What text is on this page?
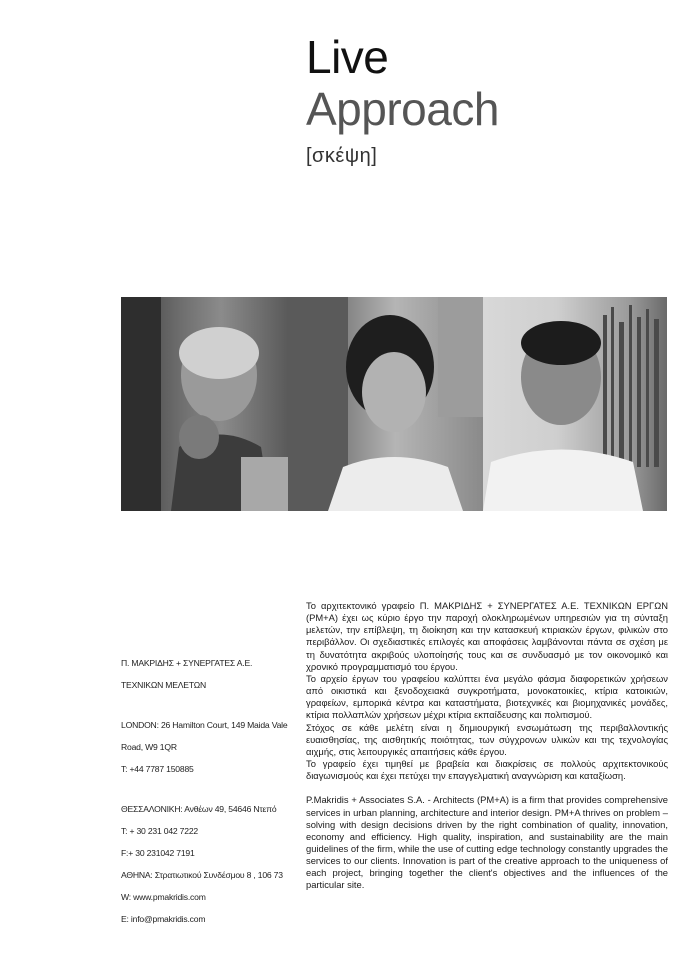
Live
Approach
[σκέψη]
Π. ΜΑΚΡΙΔΗΣ + ΣΥΝΕΡΓΑΤΕΣ Α.Ε.
ΤΕΧΝΙΚΩΝ ΜΕΛΕΤΩΝ
LONDON: 26 Hamilton Court, 149 Maida Vale
Road, W9 1QR
T: +44 7787 150885
ΘΕΣΣΑΛΟΝΙΚΗ: Ανθέων 49, 54646 Ντεπό
T: + 30 231 042 7222
F:+ 30 231042 7191
ΑΘΗΝΑ: Στρατιωτικού Συνδέσμου 8 , 106 73
W: www.pmakridis.com
E: info@pmakridis.com

Το αρχιτεκτονικό γραφείο Π. ΜΑΚΡΙΔΗΣ + ΣΥΝΕΡΓΑΤΕΣ Α.Ε. ΤΕΧΝΙΚΩΝ ΕΡΓΩΝ (PM+A) έχει ως κύριο έργο την παροχή ολοκληρωμένων υπηρεσιών για τη σύνταξη μελετών, την επίβλεψη, τη διοίκηση και την κατασκευή κτιριακών έργων, φιλικών στο περιβάλλον. Οι σχεδιαστικές επιλογές και αποφάσεις λαμβάνονται πάντα σε σχέση με τη δυνατότητα ακριβούς υλοποίησής τους και σε συνδυασμό με τον οικονομικό και χρονικό προγραμματισμό του έργου.

Το αρχείο έργων του γραφείου καλύπτει ένα μεγάλο φάσμα διαφορετικών χρήσεων από οικιστικά και ξενοδοχειακά συγκροτήματα, μονοκατοικίες, κτίρια κατοικιών, γραφείων, εμπορικά κέντρα και καταστήματα, βιοτεχνικές και βιομηχανικές μονάδες, κτίρια πολλαπλών χρήσεων μέχρι κτίρια εκπαίδευσης και πολιτισμού.

Στόχος σε κάθε μελέτη είναι η δημιουργική ενσωμάτωση της περιβαλλοντικής ευαισθησίας, της αισθητικής ποιότητας, των σύγχρονων υλικών και της τεχνολογίας αιχμής, στις λειτουργικές απαιτήσεις κάθε έργου.

Το γραφείο έχει τιμηθεί με βραβεία και διακρίσεις σε πολλούς αρχιτεκτονικούς διαγωνισμούς και έχει πετύχει την επαγγελματική αναγνώριση και καταξίωση.

P.Makridis + Associates S.A. - Architects (PM+A) is a firm that provides comprehensive services in urban planning, architecture and interior design. PM+A thrives on problem – solving with design decisions driven by the right combination of quality, innovation, economy and efficiency. High quality, inspiration, and sustainability are the main guidelines of the firm, while the use of cutting edge technology constantly upgrades the services to our clients. Innovation is part of the creative approach to the uniqueness of each project, bringing together the client's objectives and the influences of the particular site.
